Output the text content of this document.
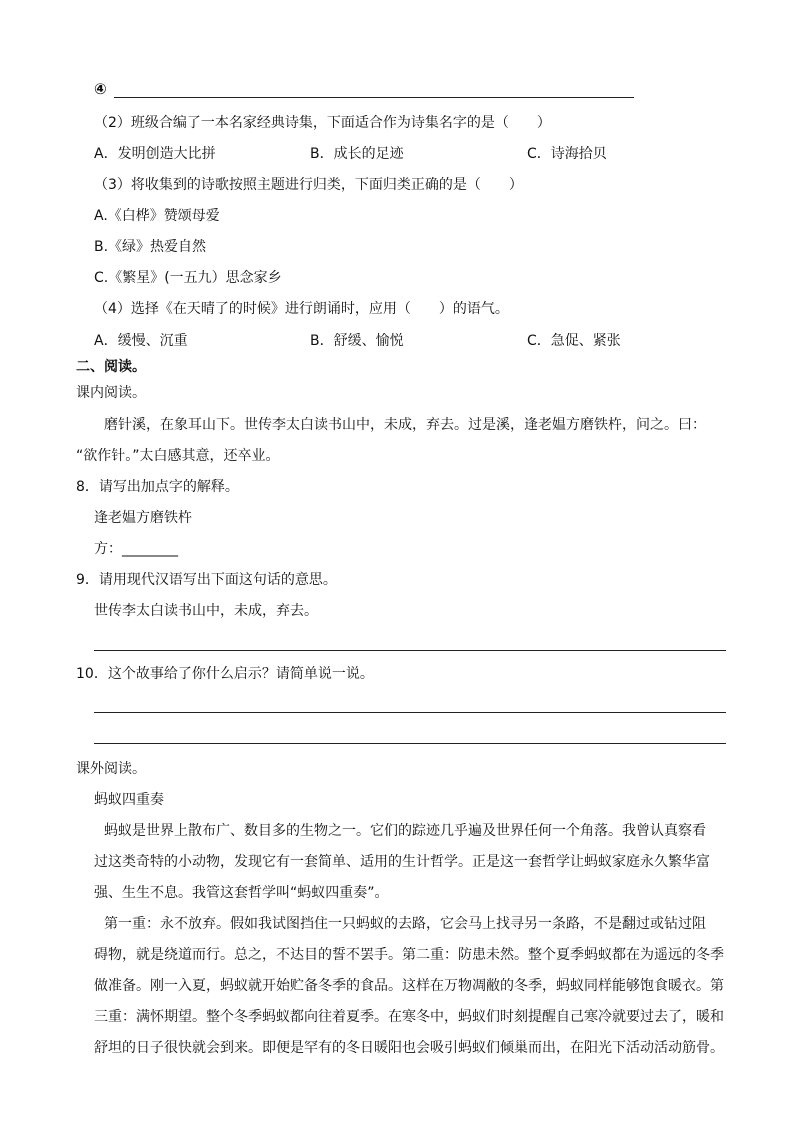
④
（2）班级合编了一本名家经典诗集，下面适合作为诗集名字的是（　　）
A．发明创造大比拼	B．成长的足迹	C．诗海拾贝
（3）将收集到的诗歌按照主题进行归类，下面归类正确的是（　　）
A.《白桦》赞颂母爱
B.《绿》热爱自然
C.《繁星》(一五九）思念家乡
（4）选择《在天晴了的时候》进行朗诵时，应用（　　）的语气。
A．缓慢、沉重	B．舒缓、愉悦	C．急促、紧张
二、阅读。
课内阅读。
磨针溪，在象耳山下。世传李太白读书山中，未成，弃去。过是溪，逢老媪方磨铁杵，问之。曰：
“欲作针。”太白感其意，还卒业。
8．请写出加点字的解释。
逢老媪方磨铁杵
方：________
9．请用现代汉语写出下面这句话的意思。
世传李太白读书山中，未成，弃去。
10．这个故事给了你什么启示？请简单说一说。
课外阅读。
蚂蚁四重奏
蚂蚁是世界上散布广、数目多的生物之一。它们的踪迹几乎遍及世界任何一个角落。我曾认真察看
过这类奇特的小动物，发现它有一套简单、适用的生计哲学。正是这一套哲学让蚂蚁家庭永久繁华富
强、生生不息。我管这套哲学叫“蚂蚁四重奏”。
第一重：永不放弃。假如我试图挡住一只蚂蚁的去路，它会马上找寻另一条路，不是翻过或钻过阻
碍物，就是绕道而行。总之，不达目的誓不罢手。第二重：防患未然。整个夏季蚂蚁都在为遥远的冬季
做准备。刚一入夏，蚂蚁就开始贮备冬季的食品。这样在万物凋敝的冬季，蚂蚁同样能够饱食暖衣。第
三重：满怀期望。整个冬季蚂蚁都向往着夏季。在寒冬中，蚂蚁们时刻提醒自己寒冷就要过去了，暖和
舒坦的日子很快就会到来。即便是罕有的冬日暖阳也会吸引蚂蚁们倾巢而出，在阳光下活动活动筋骨。
